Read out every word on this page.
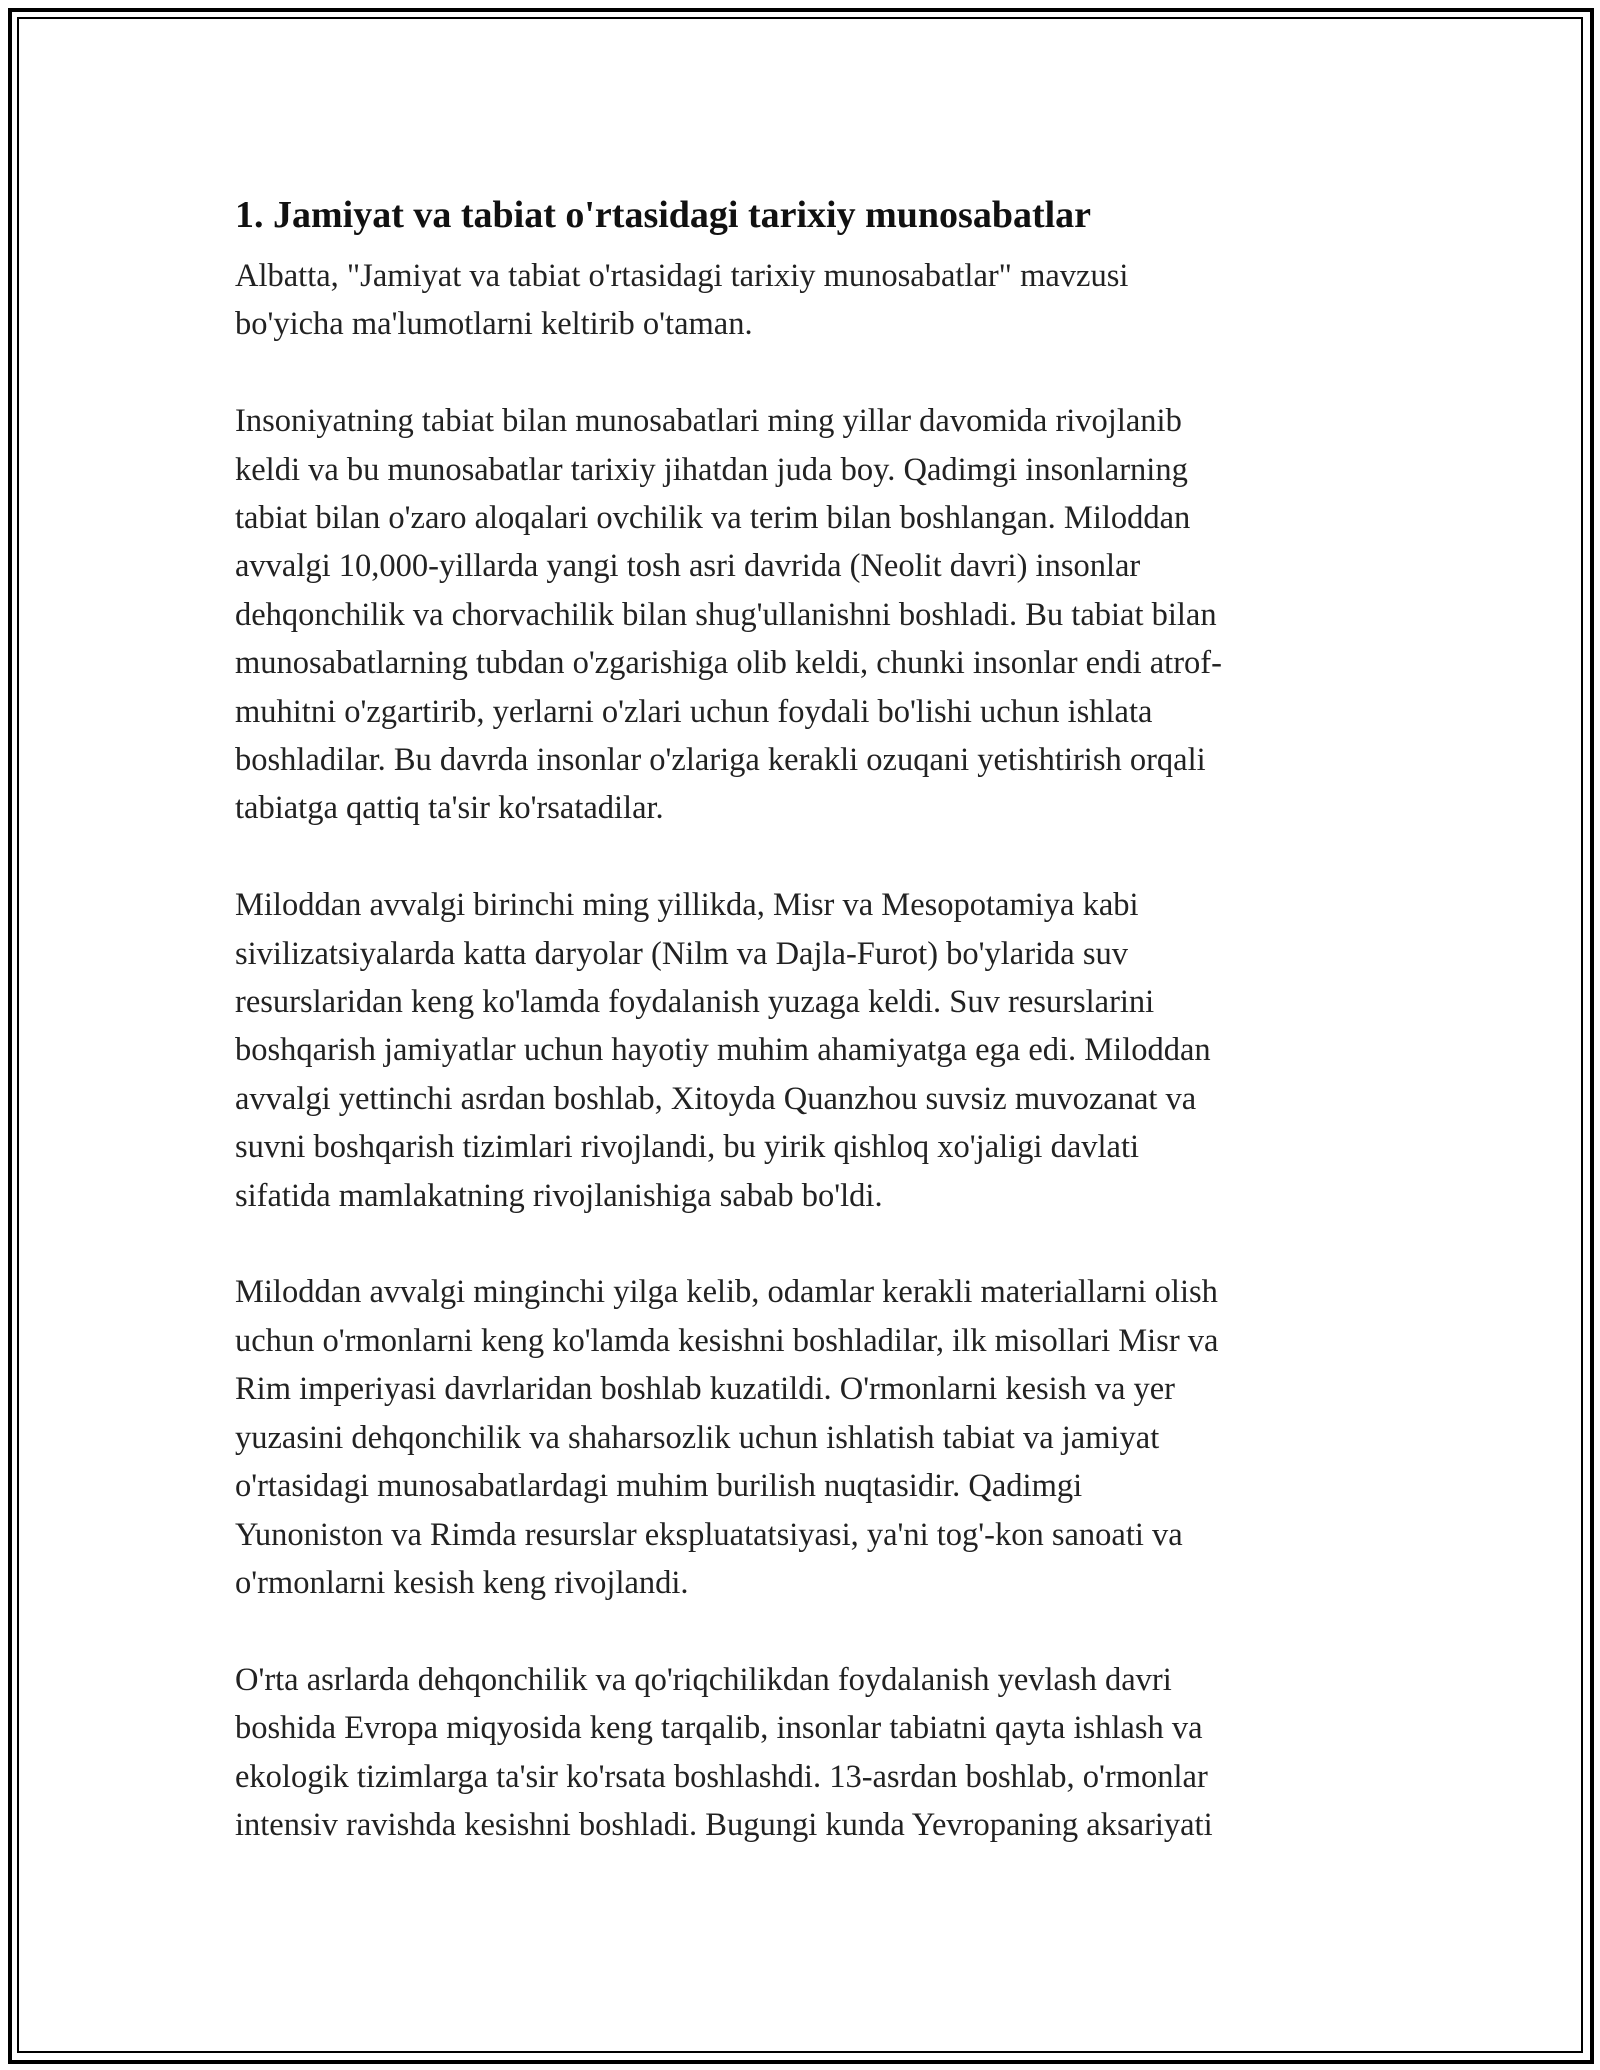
1. Jamiyat va tabiat o'rtasidagi tarixiy munosabatlar

Albatta, "Jamiyat va tabiat o'rtasidagi tarixiy munosabatlar" mavzusi
bo'yicha ma'lumotlarni keltirib o'taman.

Insoniyatning tabiat bilan munosabatlari ming yillar davomida rivojlanib
keldi va bu munosabatlar tarixiy jihatdan juda boy. Qadimgi insonlarning
tabiat bilan o'zaro aloqalari ovchilik va terim bilan boshlangan. Miloddan
avvalgi 10,000-yillarda yangi tosh asri davrida (Neolit davri) insonlar
dehqonchilik va chorvachilik bilan shug'ullanishni boshladi. Bu tabiat bilan
munosabatlarning tubdan o'zgarishiga olib keldi, chunki insonlar endi atrof-
muhitni o'zgartirib, yerlarni o'zlari uchun foydali bo'lishi uchun ishlata
boshladilar. Bu davrda insonlar o'zlariga kerakli ozuqani yetishtirish orqali
tabiatga qattiq ta'sir ko'rsatadilar.

Miloddan avvalgi birinchi ming yillikda, Misr va Mesopotamiya kabi
sivilizatsiyalarda katta daryolar (Nilm va Dajla-Furot) bo'ylarida suv
resurslaridan keng ko'lamda foydalanish yuzaga keldi. Suv resurslarini
boshqarish jamiyatlar uchun hayotiy muhim ahamiyatga ega edi. Miloddan
avvalgi yettinchi asrdan boshlab, Xitoyda Quanzhou suvsiz muvozanat va
suvni boshqarish tizimlari rivojlandi, bu yirik qishloq xo'jaligi davlati
sifatida mamlakatning rivojlanishiga sabab bo'ldi.

Miloddan avvalgi minginchi yilga kelib, odamlar kerakli materiallarni olish
uchun o'rmonlarni keng ko'lamda kesishni boshladilar, ilk misollari Misr va
Rim imperiyasi davrlaridan boshlab kuzatildi. O'rmonlarni kesish va yer
yuzasini dehqonchilik va shaharsozlik uchun ishlatish tabiat va jamiyat
o'rtasidagi munosabatlardagi muhim burilish nuqtasidir. Qadimgi
Yunoniston va Rimda resurslar ekspluatatsiyasi, ya'ni tog'-kon sanoati va
o'rmonlarni kesish keng rivojlandi.

O'rta asrlarda dehqonchilik va qo'riqchilikdan foydalanish yevlash davri
boshida Evropa miqyosida keng tarqalib, insonlar tabiatni qayta ishlash va
ekologik tizimlarga ta'sir ko'rsata boshlashdi. 13-asrdan boshlab, o'rmonlar
intensiv ravishda kesishni boshladi. Bugungi kunda Yevropaning aksariyati
